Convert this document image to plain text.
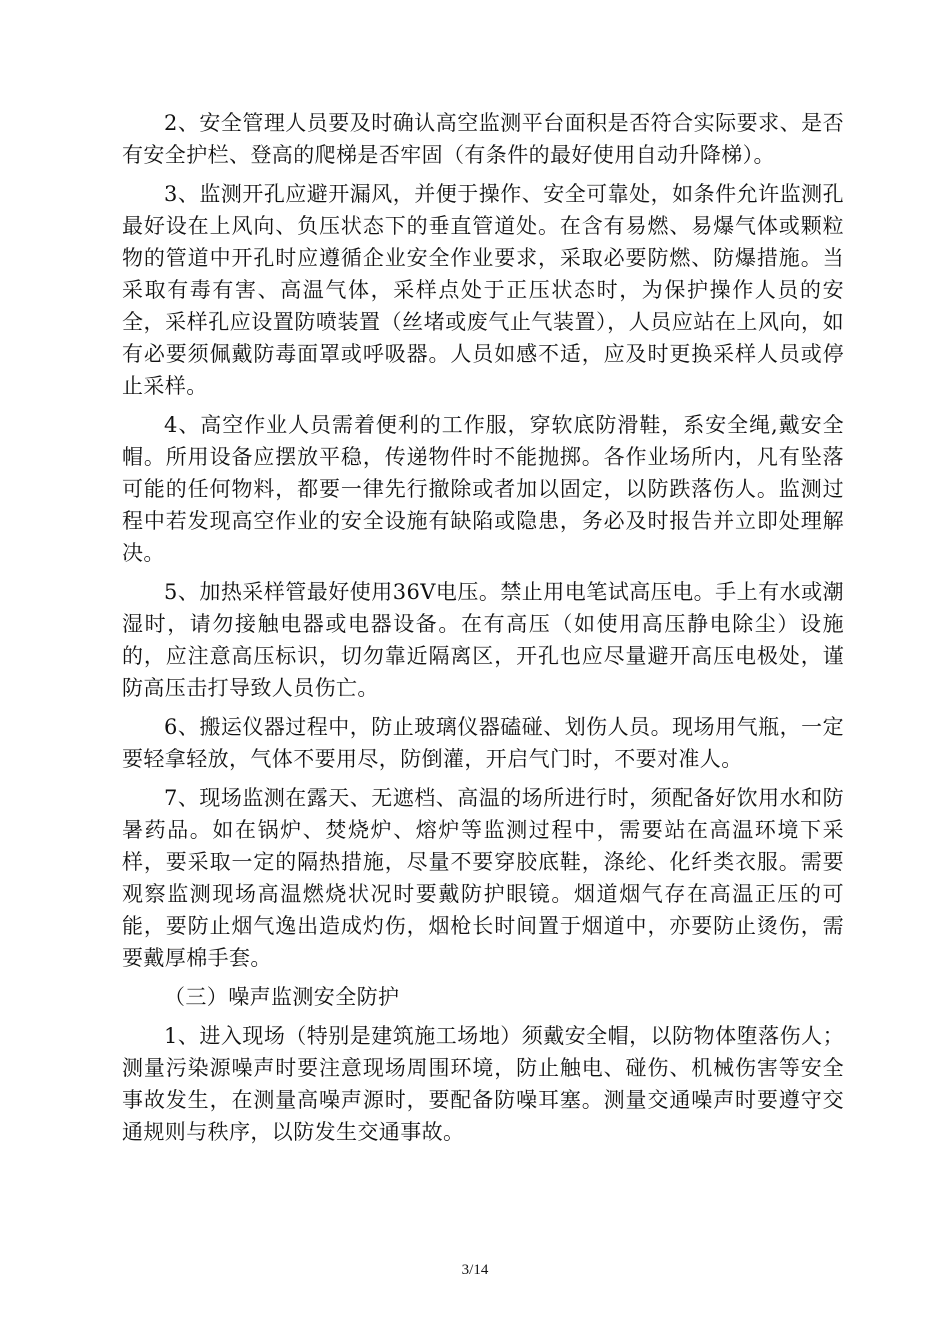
2、安全管理人员要及时确认高空监测平台面积是否符合实际要求、是否有安全护栏、登高的爬梯是否牢固（有条件的最好使用自动升降梯）。

3、监测开孔应避开漏风，并便于操作、安全可靠处，如条件允许监测孔最好设在上风向、负压状态下的垂直管道处。在含有易燃、易爆气体或颗粒物的管道中开孔时应遵循企业安全作业要求，采取必要防燃、防爆措施。当采取有毒有害、高温气体，采样点处于正压状态时，为保护操作人员的安全，采样孔应设置防喷装置（丝堵或废气止气装置），人员应站在上风向，如有必要须佩戴防毒面罩或呼吸器。人员如感不适，应及时更换采样人员或停止采样。

4、高空作业人员需着便利的工作服，穿软底防滑鞋，系安全绳,戴安全帽。所用设备应摆放平稳，传递物件时不能抛掷。各作业场所内，凡有坠落可能的任何物料，都要一律先行撤除或者加以固定，以防跌落伤人。监测过程中若发现高空作业的安全设施有缺陷或隐患，务必及时报告并立即处理解决。

5、加热采样管最好使用36V电压。禁止用电笔试高压电。手上有水或潮湿时，请勿接触电器或电器设备。在有高压（如使用高压静电除尘）设施的，应注意高压标识，切勿靠近隔离区，开孔也应尽量避开高压电极处，谨防高压击打导致人员伤亡。

6、搬运仪器过程中，防止玻璃仪器磕碰、划伤人员。现场用气瓶，一定要轻拿轻放，气体不要用尽，防倒灌，开启气门时，不要对准人。

7、现场监测在露天、无遮档、高温的场所进行时，须配备好饮用水和防暑药品。如在锅炉、焚烧炉、熔炉等监测过程中，需要站在高温环境下采样，要采取一定的隔热措施，尽量不要穿胶底鞋，涤纶、化纤类衣服。需要观察监测现场高温燃烧状况时要戴防护眼镜。烟道烟气存在高温正压的可能，要防止烟气逸出造成灼伤，烟枪长时间置于烟道中，亦要防止烫伤，需要戴厚棉手套。

（三）噪声监测安全防护

1、进入现场（特别是建筑施工场地）须戴安全帽，以防物体堕落伤人；测量污染源噪声时要注意现场周围环境，防止触电、碰伤、机械伤害等安全事故发生，在测量高噪声源时，要配备防噪耳塞。测量交通噪声时要遵守交通规则与秩序，以防发生交通事故。

3/14
